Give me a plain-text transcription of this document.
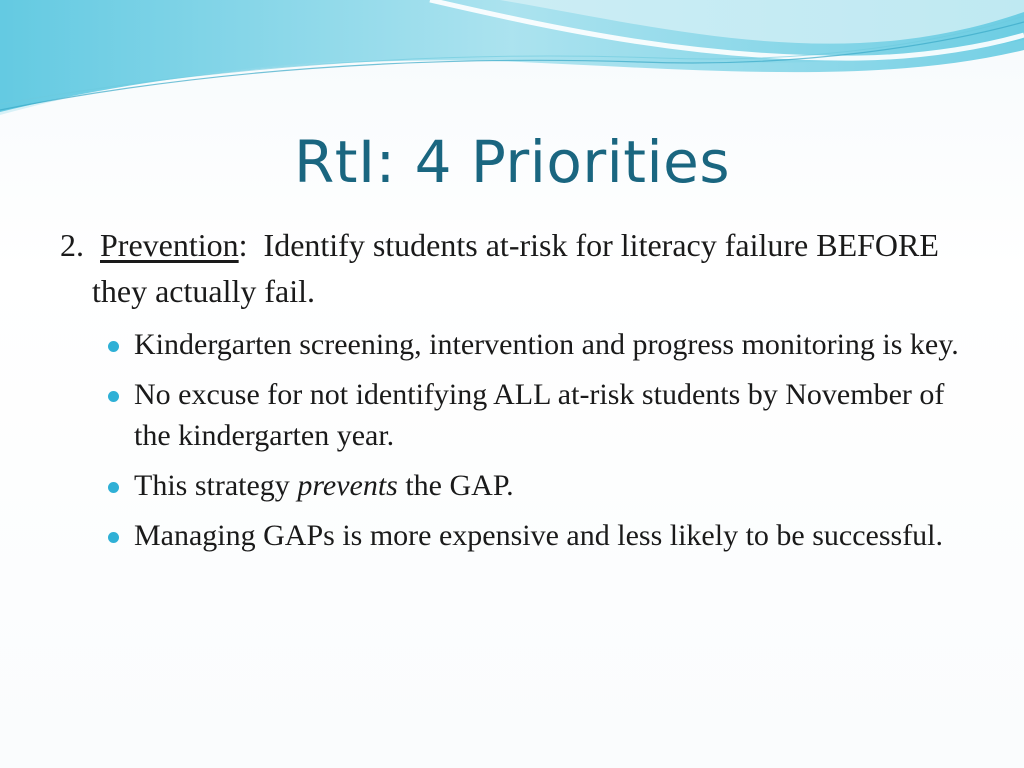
RtI: 4 Priorities

2. Prevention: Identify students at-risk for literacy failure BEFORE they actually fail.

Kindergarten screening, intervention and progress monitoring is key.
No excuse for not identifying ALL at-risk students by November of the kindergarten year.
This strategy prevents the GAP.
Managing GAPs is more expensive and less likely to be successful.
